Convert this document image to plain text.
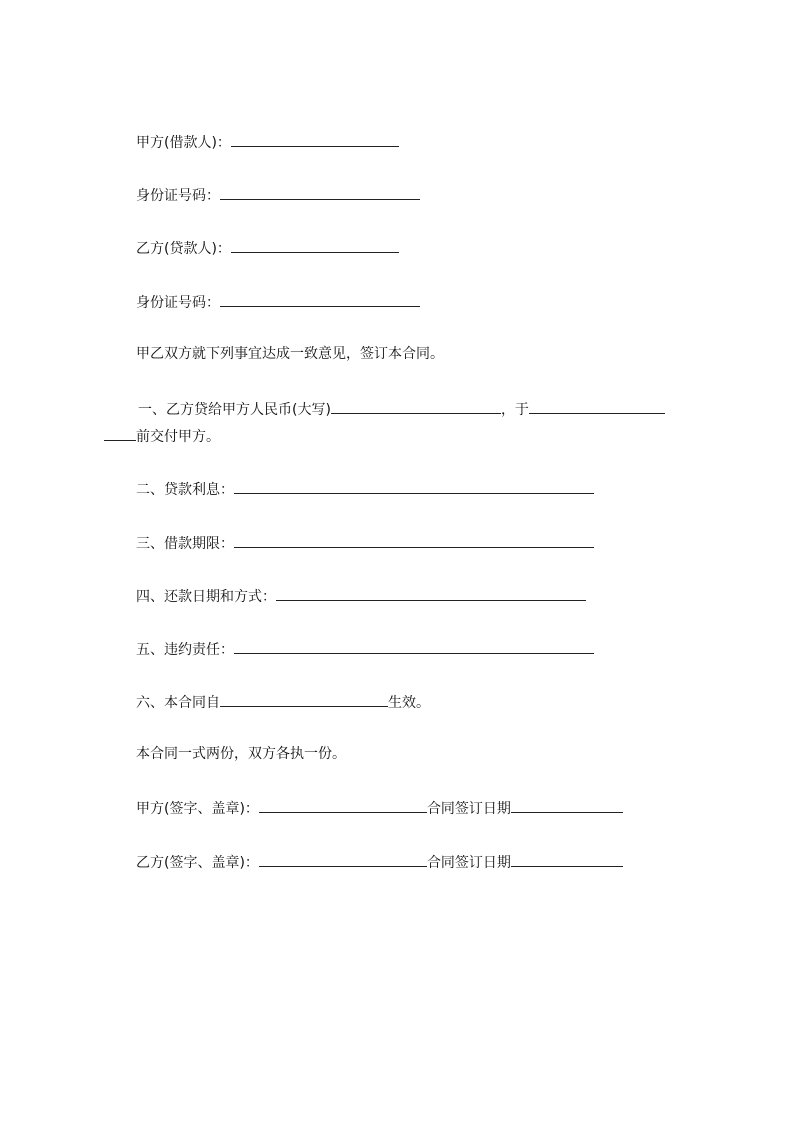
甲方(借款人)：
身份证号码：
乙方(贷款人)：
身份证号码：
甲乙双方就下列事宜达成一致意见，签订本合同。
一、乙方贷给甲方人民币(大写)	，于
前交付甲方。
二、贷款利息：
三、借款期限：
四、还款日期和方式：
五、违约责任：
六、本合同自	生效。
本合同一式两份，双方各执一份。
甲方(签字、盖章)：	合同签订日期
乙方(签字、盖章)：	合同签订日期
